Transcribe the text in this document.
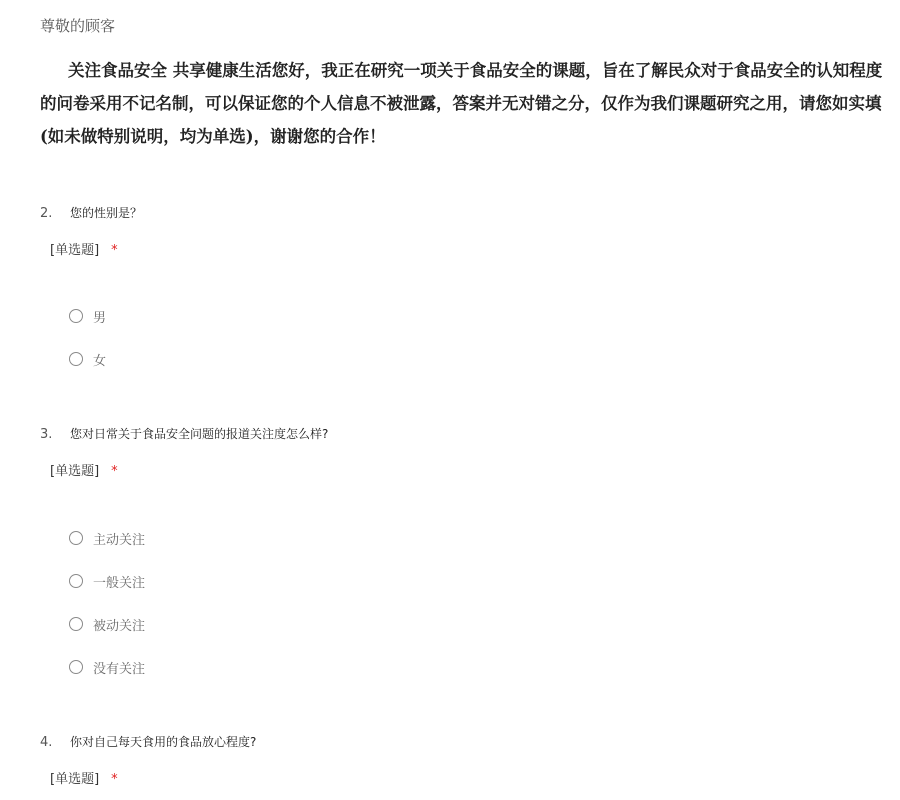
尊敬的顾客
关注食品安全 共享健康生活您好，我正在研究一项关于食品安全的课题，旨在了解民众对于食品安全的认知程度
的问卷采用不记名制，可以保证您的个人信息不被泄露，答案并无对错之分，仅作为我们课题研究之用，请您如实填
(如未做特别说明，均为单选)，谢谢您的合作！
2. 您的性别是？
[单选题] *
男
女
3. 您对日常关于食品安全问题的报道关注度怎么样?
[单选题] *
主动关注
一般关注
被动关注
没有关注
4. 你对自己每天食用的食品放心程度?
[单选题] *
